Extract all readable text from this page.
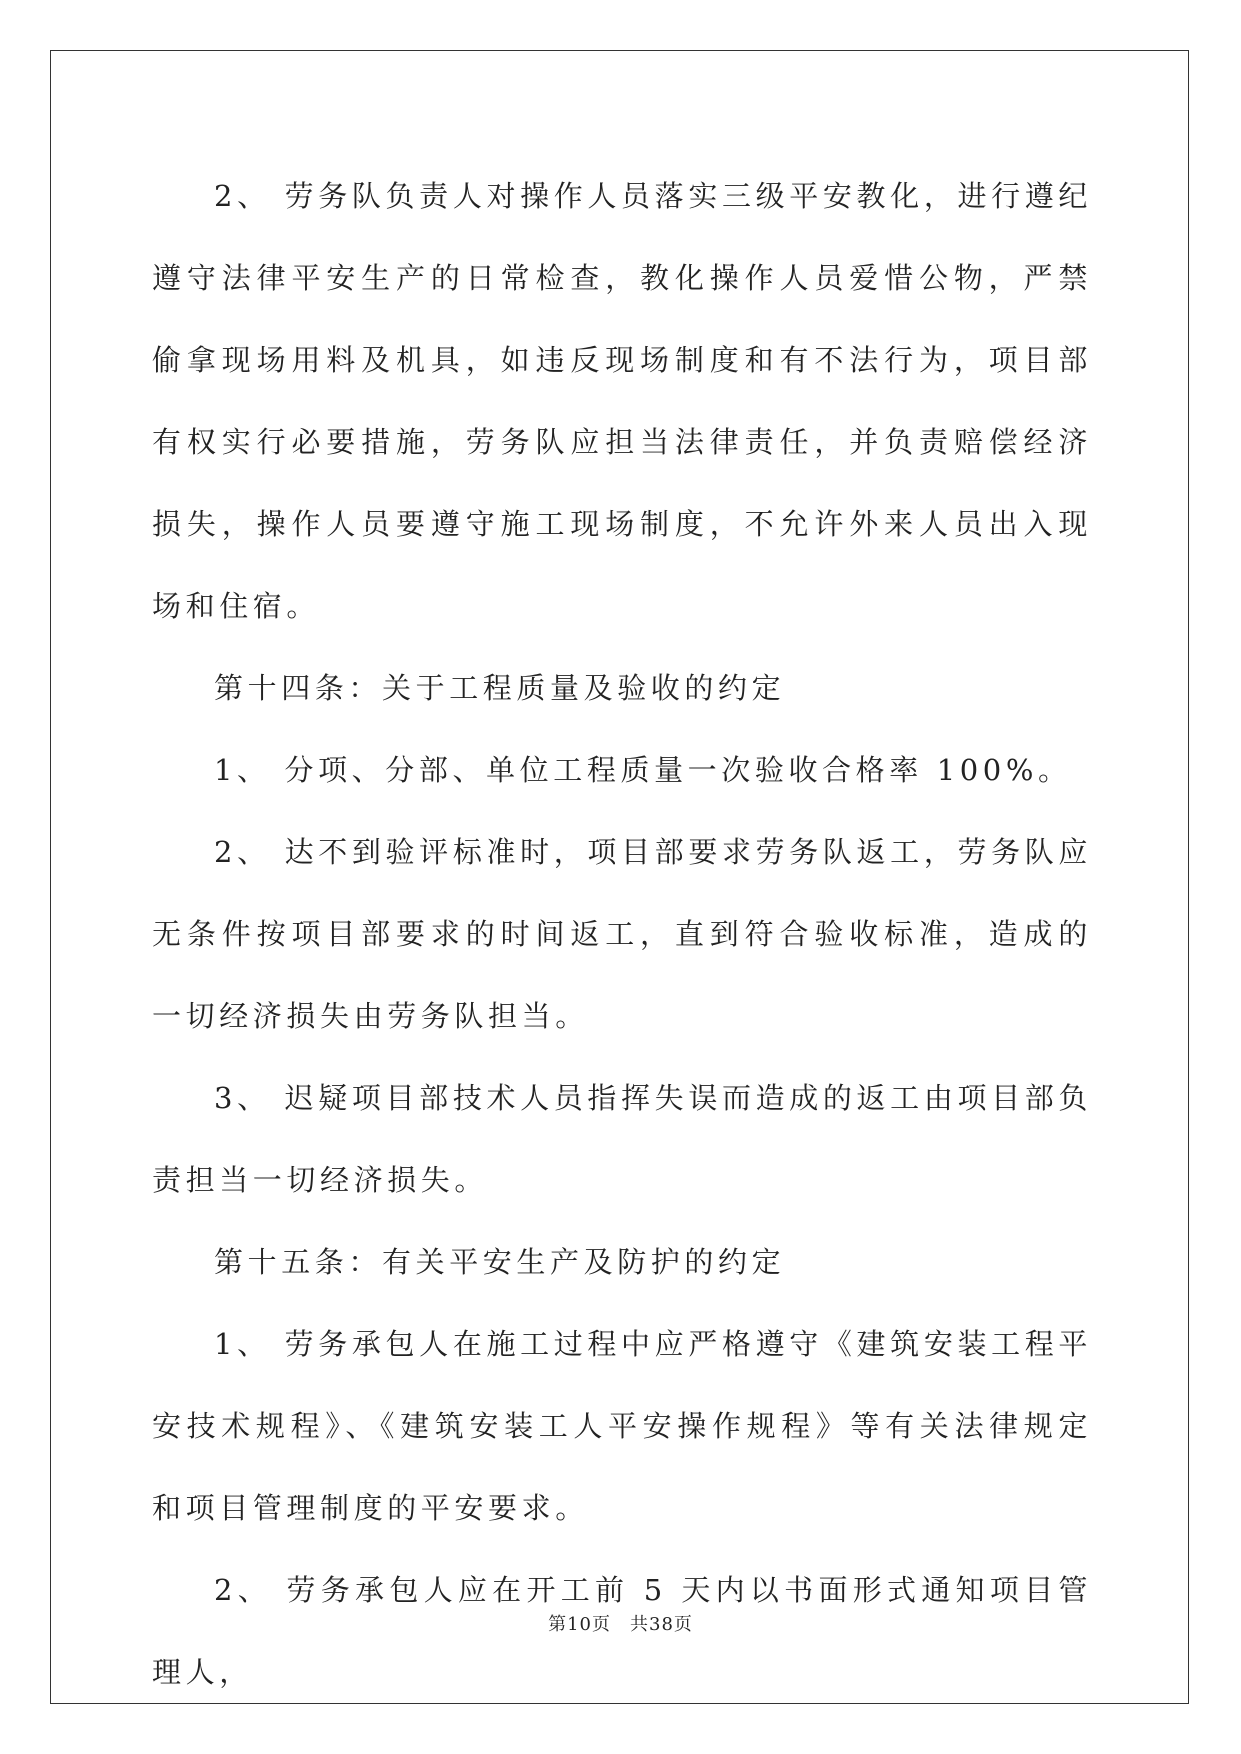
2、 劳务队负责人对操作人员落实三级平安教化，进行遵纪遵守法律平安生产的日常检查，教化操作人员爱惜公物，严禁偷拿现场用料及机具，如违反现场制度和有不法行为，项目部有权实行必要措施，劳务队应担当法律责任，并负责赔偿经济损失，操作人员要遵守施工现场制度，不允许外来人员出入现场和住宿。

第十四条：关于工程质量及验收的约定

1、 分项、分部、单位工程质量一次验收合格率 100%。

2、 达不到验评标准时，项目部要求劳务队返工，劳务队应无条件按项目部要求的时间返工，直到符合验收标准，造成的一切经济损失由劳务队担当。

3、 迟疑项目部技术人员指挥失误而造成的返工由项目部负责担当一切经济损失。

第十五条：有关平安生产及防护的约定

1、 劳务承包人在施工过程中应严格遵守《建筑安装工程平安技术规程》、《建筑安装工人平安操作规程》等有关法律规定和项目管理制度的平安要求。

2、 劳务承包人应在开工前 5 天内以书面形式通知项目管理人，

第10页　共38页
